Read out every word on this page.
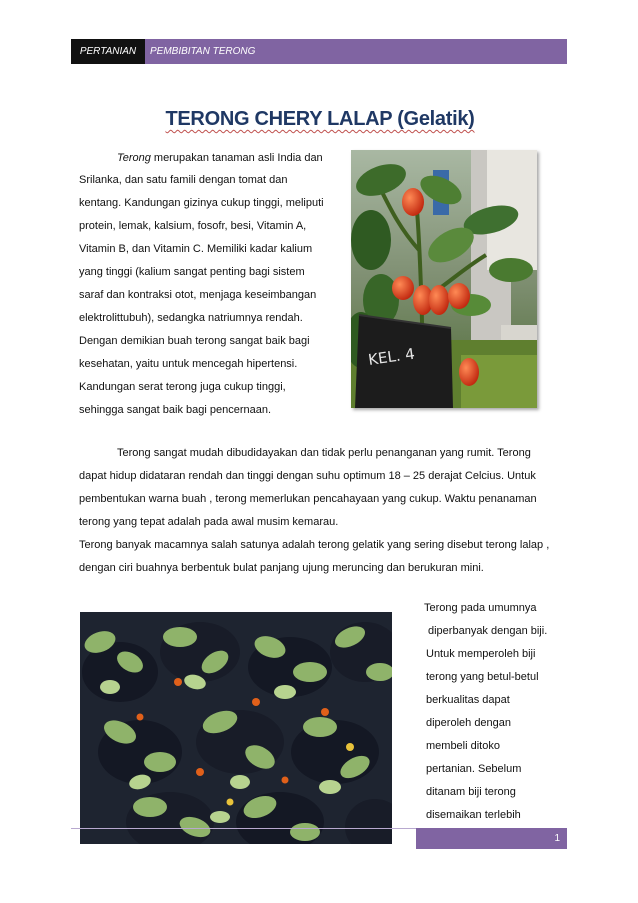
PERTANIAN	PEMBIBITAN TERONG
TERONG CHERY LALAP (Gelatik)
Terong merupakan tanaman asli India dan
Srilanka, dan satu famili dengan tomat dan
kentang. Kandungan gizinya cukup tinggi, meliputi
protein, lemak, kalsium, fosofr, besi, Vitamin A,
Vitamin B, dan Vitamin C. Memiliki kadar kalium
yang tinggi (kalium sangat penting bagi sistem
saraf dan kontraksi otot, menjaga keseimbangan
elektrolittubuh), sedangka natriumnya rendah.
Dengan demikian buah terong sangat baik bagi
kesehatan, yaitu untuk mencegah hipertensi.
Kandungan serat terong juga cukup tinggi,
sehingga sangat baik bagi pencernaan.
KEL. 4
Terong sangat mudah dibudidayakan dan tidak perlu penanganan yang rumit. Terong
dapat hidup didataran rendah dan tinggi dengan suhu optimum 18 – 25 derajat Celcius. Untuk
pembentukan warna buah , terong memerlukan pencahayaan yang cukup. Waktu penanaman
terong yang tepat adalah pada awal musim kemarau.
Terong banyak macamnya salah satunya adalah terong gelatik yang sering disebut terong lalap ,
dengan ciri buahnya berbentuk bulat panjang ujung meruncing dan berukuran mini.
Terong pada umumnya
diperbanyak dengan biji.
Untuk memperoleh biji
terong yang betul-betul
berkualitas dapat
diperoleh dengan
membeli ditoko
pertanian. Sebelum
ditanam biji terong
disemaikan terlebih
1
